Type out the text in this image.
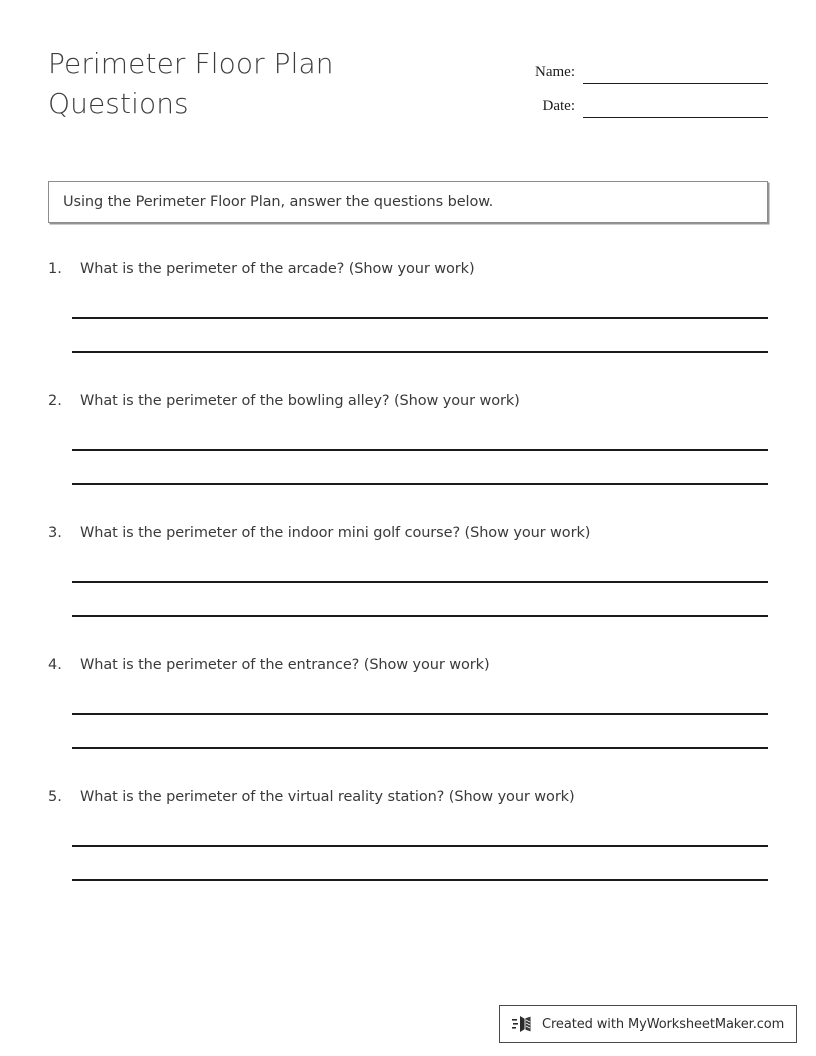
Perimeter Floor Plan Questions
Name:
Date:
Using the Perimeter Floor Plan, answer the questions below.
1.	What is the perimeter of the arcade? (Show your work)
2.	What is the perimeter of the bowling alley? (Show your work)
3.	What is the perimeter of the indoor mini golf course? (Show your work)
4.	What is the perimeter of the entrance? (Show your work)
5.	What is the perimeter of the virtual reality station? (Show your work)
Created with MyWorksheetMaker.com
